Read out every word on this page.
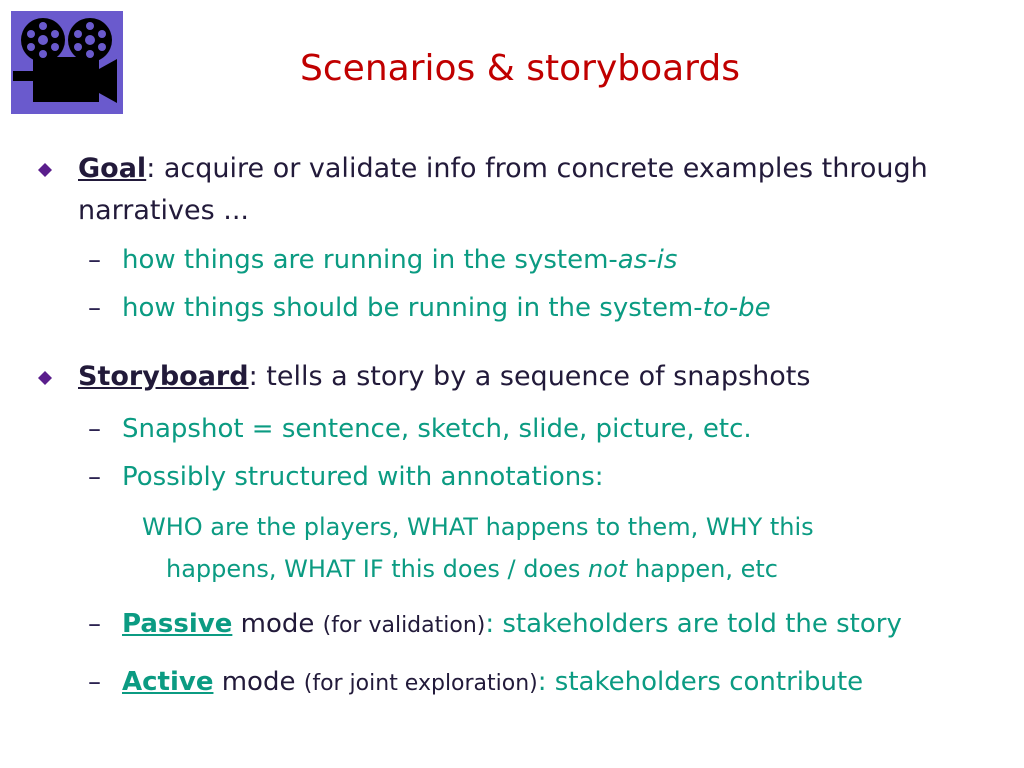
Scenarios & storyboards
Goal: acquire or validate info from concrete examples through
narratives ...
– how things are running in the system-as-is
– how things should be running in the system-to-be
Storyboard: tells a story by a sequence of snapshots
– Snapshot = sentence, sketch, slide, picture, etc.
– Possibly structured with annotations:
WHO are the players, WHAT happens to them, WHY this
happens, WHAT IF this does / does not happen, etc
– Passive mode (for validation): stakeholders are told the story
– Active mode (for joint exploration): stakeholders contribute
